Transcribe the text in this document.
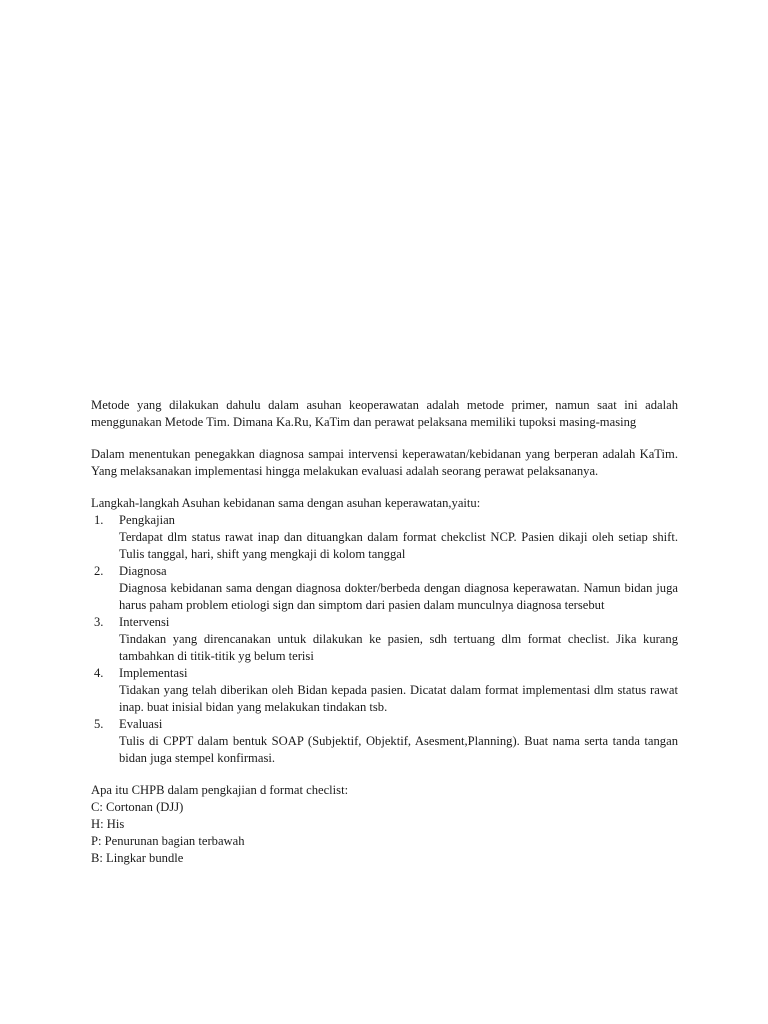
Metode yang dilakukan dahulu dalam asuhan keoperawatan adalah metode primer, namun saat ini adalah menggunakan Metode Tim. Dimana Ka.Ru, KaTim dan perawat pelaksana memiliki tupoksi masing-masing

Dalam menentukan penegakkan diagnosa sampai intervensi keperawatan/kebidanan yang berperan adalah KaTim. Yang melaksanakan implementasi hingga melakukan evaluasi adalah seorang perawat pelaksananya.

Langkah-langkah Asuhan kebidanan sama dengan asuhan keperawatan,yaitu:

1. Pengkajian
Terdapat dlm status rawat inap dan dituangkan dalam format chekclist NCP. Pasien dikaji oleh setiap shift. Tulis tanggal, hari, shift yang mengkaji di kolom tanggal
2. Diagnosa
Diagnosa kebidanan sama dengan diagnosa dokter/berbeda dengan diagnosa keperawatan. Namun bidan juga harus paham problem etiologi sign dan simptom dari pasien dalam munculnya diagnosa tersebut
3. Intervensi
Tindakan yang direncanakan untuk dilakukan ke pasien, sdh tertuang dlm format checlist. Jika kurang tambahkan di titik-titik yg belum terisi
4. Implementasi
Tidakan yang telah diberikan oleh Bidan kepada pasien. Dicatat dalam format implementasi dlm status rawat inap. buat inisial bidan yang melakukan tindakan tsb.
5. Evaluasi
Tulis di CPPT dalam bentuk SOAP (Subjektif, Objektif, Asesment,Planning). Buat nama serta tanda tangan bidan juga stempel konfirmasi.

Apa itu CHPB dalam pengkajian d format checlist:

C: Cortonan (DJJ)
H: His
P: Penurunan bagian terbawah
B: Lingkar bundle
